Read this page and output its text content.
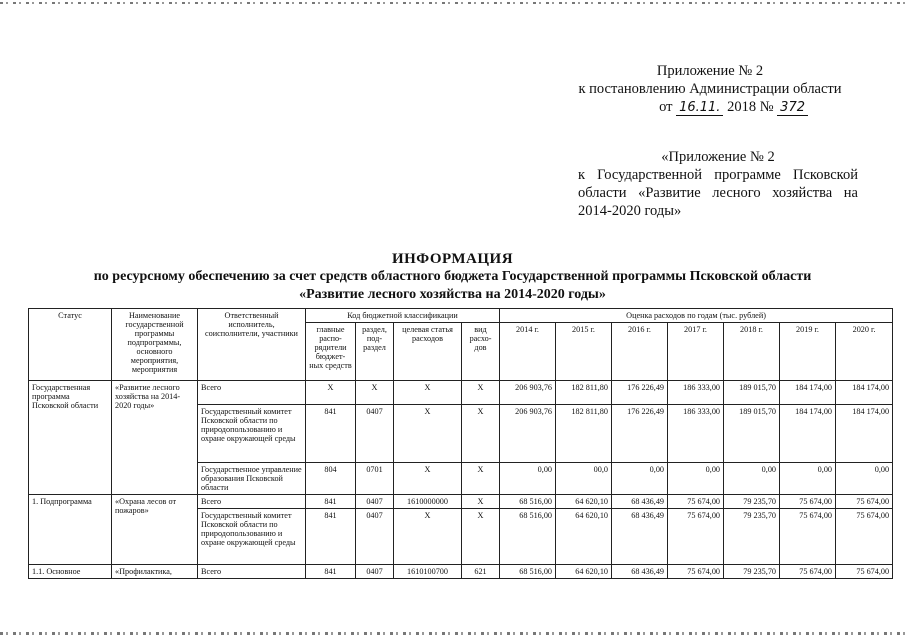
Приложение № 2
к постановлению Администрации области
от 16.11. 2018 № 372
«Приложение № 2
к Государственной программе Псковской области «Развитие лесного хозяйства на 2014-2020 годы»
ИНФОРМАЦИЯ
по ресурсному обеспечению за счет средств областного бюджета Государственной программы Псковской области
«Развитие лесного хозяйства на 2014-2020 годы»
Статус	Наименование государственной программы подпрограммы, основного мероприятия, мероприятия	Ответственный исполнитель, соисполнители, участники	Код бюджетной классификации				Оценка расходов по годам (тыс. рублей)						
			главные распо-рядители бюджет-ных средств	раздел, под-раздел	целевая статья расходов	вид расхо-дов	2014 г.	2015 г.	2016 г.	2017 г.	2018 г.	2019 г.	2020 г.
Государственная программа Псковской области	«Развитие лесного хозяйства на 2014-2020 годы»	Всего	X	X	X	X	206 903,76	182 811,80	176 226,49	186 333,00	189 015,70	184 174,00	184 174,00
		Государственный комитет Псковской области по природопользованию и охране окружающей среды	841	0407	X	X	206 903,76	182 811,80	176 226,49	186 333,00	189 015,70	184 174,00	184 174,00
		Государственное управление образования Псковской области	804	0701	X	X	0,00	00,0	0,00	0,00	0,00	0,00	0,00
1. Подпрограмма	«Охрана лесов от пожаров»	Всего	841	0407	1610000000	X	68 516,00	64 620,10	68 436,49	75 674,00	79 235,70	75 674,00	75 674,00
		Государственный комитет Псковской области по природопользованию и охране окружающей среды	841	0407	X	X	68 516,00	64 620,10	68 436,49	75 674,00	79 235,70	75 674,00	75 674,00
1.1. Основное	«Профилактика,	Всего	841	0407	1610100700	621	68 516,00	64 620,10	68 436,49	75 674,00	79 235,70	75 674,00	75 674,00
